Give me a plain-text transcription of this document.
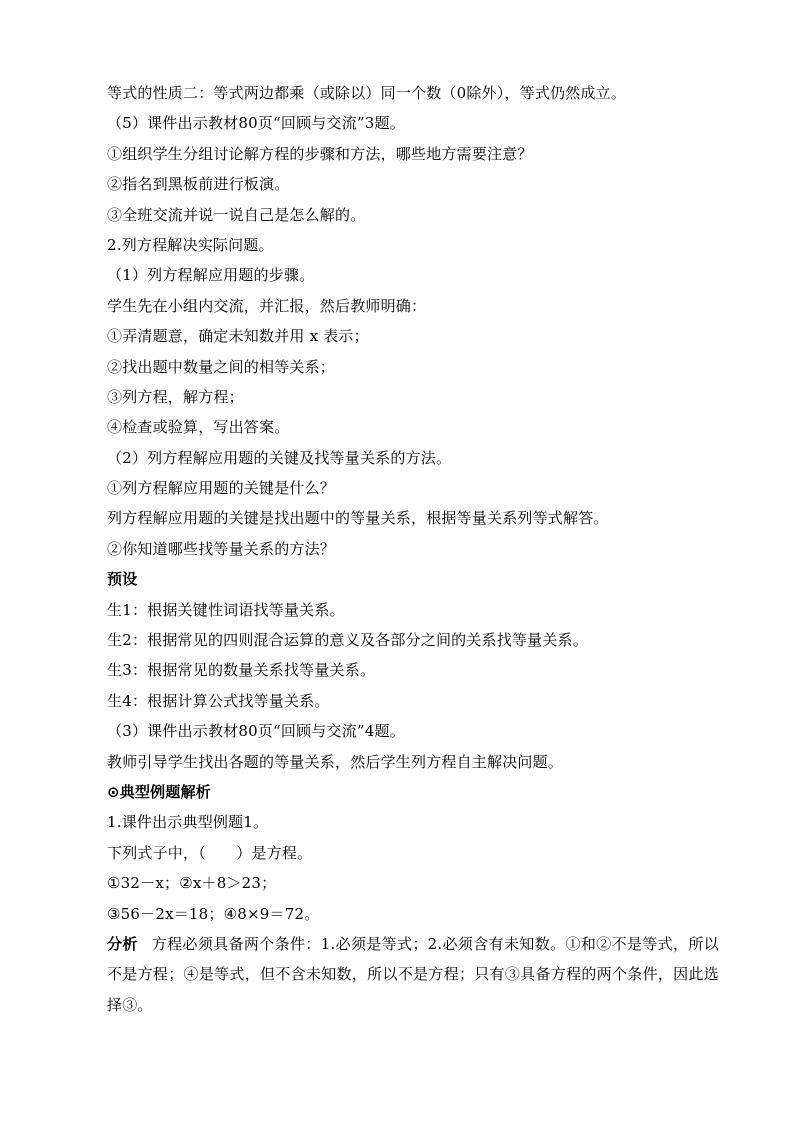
等式的性质二：等式两边都乘（或除以）同一个数（0除外），等式仍然成立。
（5）课件出示教材80页“回顾与交流”3题。
①组织学生分组讨论解方程的步骤和方法，哪些地方需要注意？
②指名到黑板前进行板演。
③全班交流并说一说自己是怎么解的。
2.列方程解决实际问题。
（1）列方程解应用题的步骤。
学生先在小组内交流，并汇报，然后教师明确：
①弄清题意，确定未知数并用 x 表示；
②找出题中数量之间的相等关系；
③列方程，解方程；
④检查或验算，写出答案。
（2）列方程解应用题的关键及找等量关系的方法。
①列方程解应用题的关键是什么？
列方程解应用题的关键是找出题中的等量关系，根据等量关系列等式解答。
②你知道哪些找等量关系的方法？
预设
生1：根据关键性词语找等量关系。
生2：根据常见的四则混合运算的意义及各部分之间的关系找等量关系。
生3：根据常见的数量关系找等量关系。
生4：根据计算公式找等量关系。
（3）课件出示教材80页“回顾与交流”4题。
教师引导学生找出各题的等量关系，然后学生列方程自主解决问题。
⊙典型例题解析
1.课件出示典型例题1。
下列式子中，（　　）是方程。
①32－x；②x＋8＞23；
③56－2x＝18；④8×9＝72。
分析 方程必须具备两个条件：1.必须是等式；2.必须含有未知数。①和②不是等式，所以不是方程；④是等式，但不含未知数，所以不是方程；只有③具备方程的两个条件，因此选择③。
